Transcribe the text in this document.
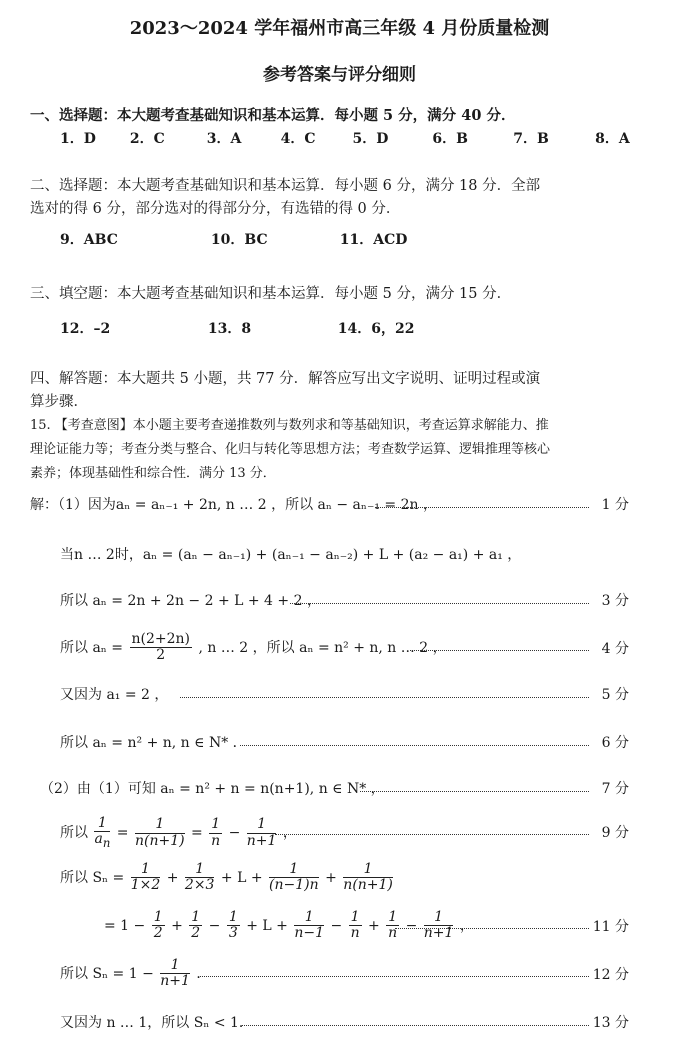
2023～2024 学年福州市高三年级 4 月份质量检测
参考答案与评分细则
一、选择题：本大题考查基础知识和基本运算．每小题 5 分，满分 40 分．
1．D 2．C	3．A	4．C	5．D	6．B	7．B	8．A
二、选择题：本大题考查基础知识和基本运算．每小题 6 分，满分 18 分．全部
选对的得 6 分，部分选对的得部分分，有选错的得 0 分．
9．ABC	10．BC	11．ACD
三、填空题：本大题考查基础知识和基本运算．每小题 5 分，满分 15 分．
12．–2	13．8	14．6，22
四、解答题：本大题共 5 小题，共 77 分．解答应写出文字说明、证明过程或演
算步骤．
15. 【考查意图】本小题主要考查递推数列与数列求和等基础知识，考查运算求解能力、推
理论证能力等；考查分类与整合、化归与转化等思想方法；考查数学运算、逻辑推理等核心
素养；体现基础性和综合性．满分 13 分．
解：（1）因为aₙ = aₙ₋₁ + 2n, n … 2 ，所以 aₙ − aₙ₋₁ = 2n ，	1 分
当n … 2时，aₙ = (aₙ − aₙ₋₁) + (aₙ₋₁ − aₙ₋₂) + L + (a₂ − a₁) + a₁ ，
所以 aₙ = 2n + 2n − 2 + L + 4 + 2 ，	3 分
所以 $a_n = \frac{n(2+2n)}{2}$ , n … 2 ，所以 aₙ = n² + n, n … 2 ，	4 分
又因为 a₁ = 2 ，	5 分
所以 aₙ = n² + n, n ∈ N* ．	6 分
（2）由（1）可知 aₙ = n² + n = n(n+1), n ∈ N* ，	7 分
所以 $\frac{1}{a_n} = \frac{1}{n(n+1)} = \frac{1}{n} - \frac{1}{n+1}$ ，	9 分
所以 $S_n = \frac{1}{1\times 2} + \frac{1}{2\times 3} + L + \frac{1}{(n-1)n} + \frac{1}{n(n+1)}$
= $1 - \frac{1}{2} + \frac{1}{2} - \frac{1}{3} + L + \frac{1}{n-1} - \frac{1}{n} + \frac{1}{n} - \frac{1}{n+1}$ ，	11 分
所以 $S_n = 1 - \frac{1}{n+1}$ ．	12 分
又因为 n … 1，所以 Sₙ < 1．	13 分
